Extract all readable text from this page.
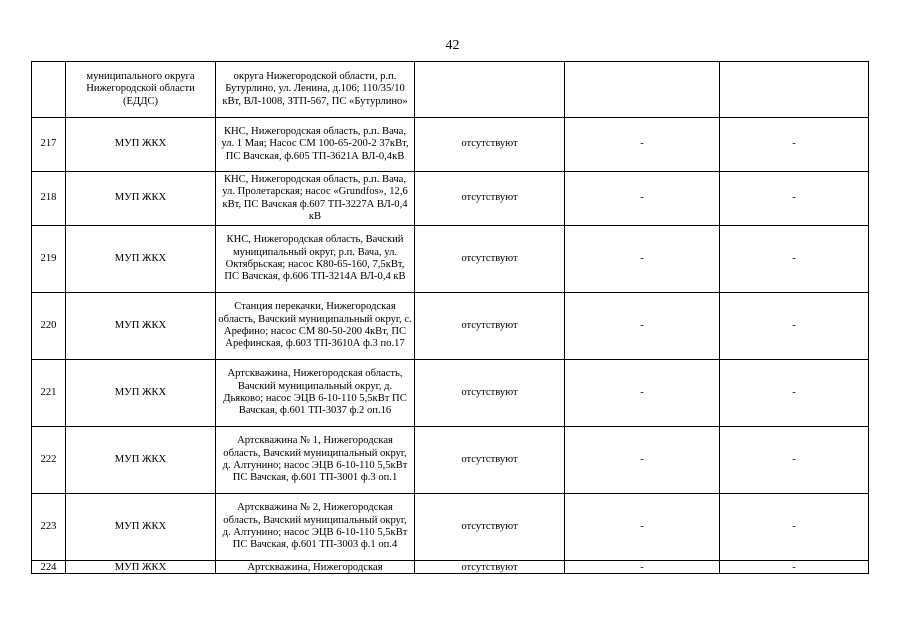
42
	муниципального округа Нижегородской области (ЕДДС)	округа Нижегородской области, р.п. Бутурлино, ул. Ленина, д.106; 110/35/10 кВт, ВЛ-1008, ЗТП-567, ПС «Бутурлино»			
217	МУП ЖКХ	КНС, Нижегородская область, р.п. Вача, ул. 1 Мая; Насос СМ 100-65-200-2 37кВт, ПС Вачская, ф.605 ТП-3621А ВЛ-0,4кВ	отсутствуют	-	-
218	МУП ЖКХ	КНС, Нижегородская область, р.п. Вача, ул. Пролетарская; насос «Grundfos», 12,6 кВт, ПС Вачская ф.607 ТП-3227А ВЛ-0,4 кВ	отсутствуют	-	-
219	МУП ЖКХ	КНС, Нижегородская область, Вачский муниципальный округ, р.п. Вача, ул. Октябрьская; насос К80-65-160, 7,5кВт, ПС Вачская, ф.606 ТП-3214А ВЛ-0,4 кВ	отсутствуют	-	-
220	МУП ЖКХ	Станция перекачки, Нижегородская область, Вачский муниципальный округ, с. Арефино; насос СМ 80-50-200 4кВт, ПС Арефинская, ф.603 ТП-3610А ф.3 по.17	отсутствуют	-	-
221	МУП ЖКХ	Артскважина, Нижегородская область, Вачский муниципальный округ, д. Дьяково; насос ЭЦВ 6-10-110 5,5кВт ПС Вачская, ф.601 ТП-3037 ф.2 оп.16	отсутствуют	-	-
222	МУП ЖКХ	Артскважина № 1, Нижегородская область, Вачский муниципальный округ, д. Алтунино; насос ЭЦВ 6-10-110 5,5кВт ПС Вачская, ф.601 ТП-3001 ф.3 оп.1	отсутствуют	-	-
223	МУП ЖКХ	Артскважина № 2, Нижегородская область, Вачский муниципальный округ, д. Алтунино; насос ЭЦВ 6-10-110 5,5кВт ПС Вачская, ф.601 ТП-3003 ф.1 оп.4	отсутствуют	-	-
224	МУП ЖКХ	Артскважина, Нижегородская	отсутствуют	-	-
